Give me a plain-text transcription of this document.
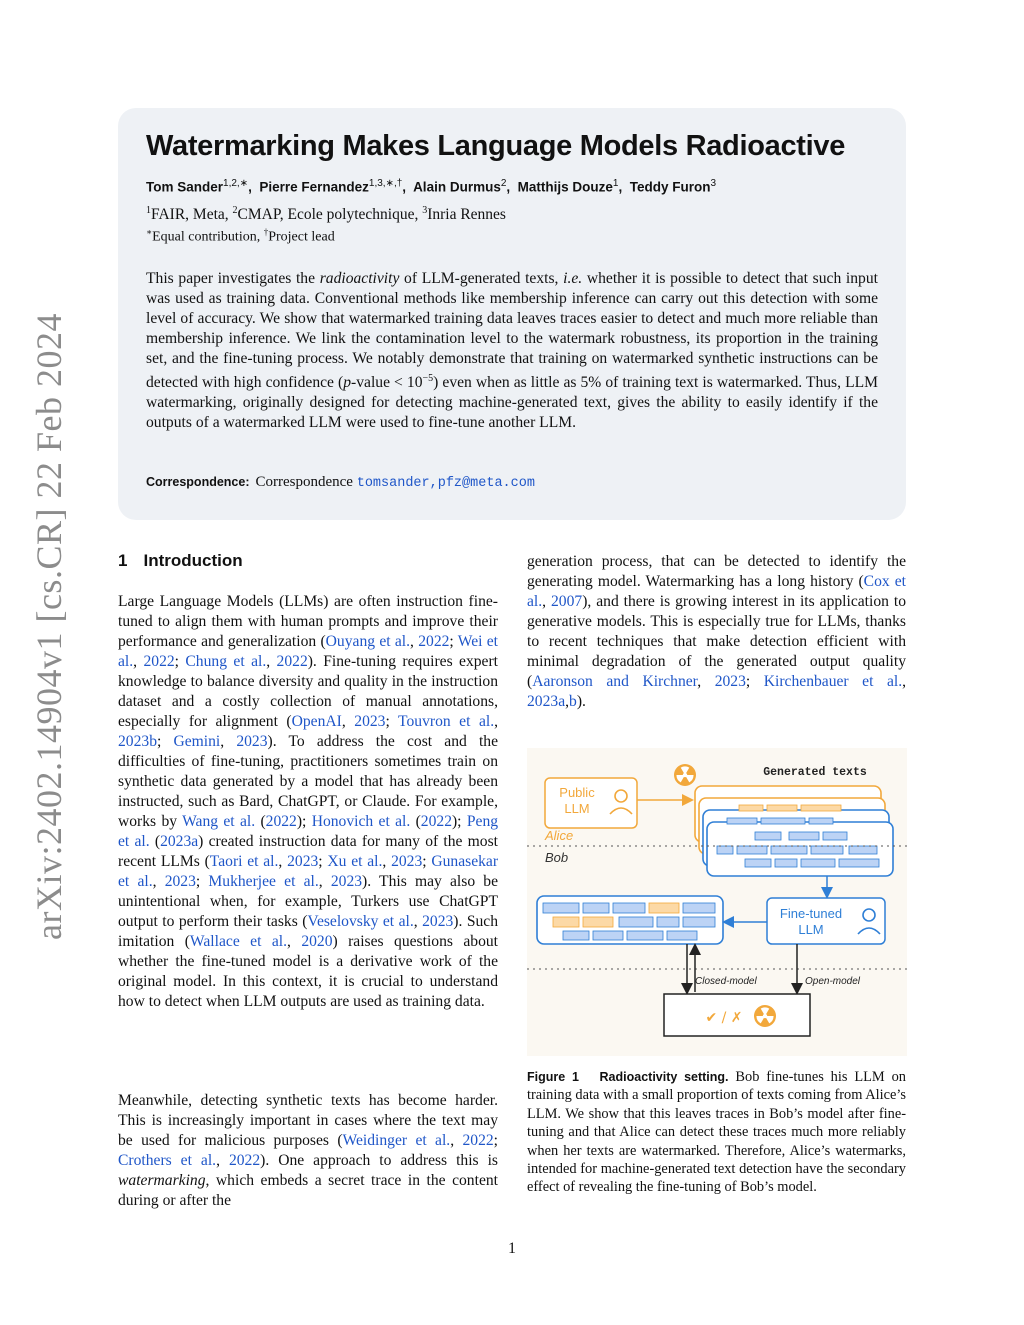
arXiv:2402.14904v1 [cs.CR] 22 Feb 2024
Watermarking Makes Language Models Radioactive
Tom Sander$^{1,2,∗}$,  Pierre Fernandez$^{1,3,∗,\dagger}$,  Alain Durmus$^2$,  Matthijs Douze$^1$,  Teddy Furon$^3$
$^1$FAIR, Meta, $^2$CMAP, Ecole polytechnique, $^3$Inria Rennes
∗Equal contribution, †Project lead
This paper investigates the radioactivity of LLM-generated texts, i.e. whether it is possible to detect that such input was used as training data. Conventional methods like membership inference can carry out this detection with some level of accuracy. We show that watermarked training data leaves traces easier to detect and much more reliable than membership inference. We link the contamination level to the watermark robustness, its proportion in the training set, and the fine-tuning process. We notably demonstrate that training on watermarked synthetic instructions can be detected with high confidence (p-value < $10^{-5}$) even when as little as 5% of training text is watermarked. Thus, LLM watermarking, originally designed for detecting machine-generated text, gives the ability to easily identify if the outputs of a watermarked LLM were used to fine-tune another LLM.
Correspondence: Correspondence tomsander,pfz@meta.com
1 Introduction
Large Language Models (LLMs) are often instruction fine-tuned to align them with human prompts and improve their performance and generalization (Ouyang et al., 2022; Wei et al., 2022; Chung et al., 2022). Fine-tuning requires expert knowledge to balance diversity and quality in the instruction dataset and a costly collection of manual annotations, especially for alignment (OpenAI, 2023; Touvron et al., 2023b; Gemini, 2023). To address the cost and the difficulties of fine-tuning, practitioners sometimes train on synthetic data generated by a model that has already been instructed, such as Bard, ChatGPT, or Claude. For example, works by Wang et al. (2022); Honovich et al. (2022); Peng et al. (2023a) created instruction data for many of the most recent LLMs (Taori et al., 2023; Xu et al., 2023; Gunasekar et al., 2023; Mukherjee et al., 2023). This may also be unintentional when, for example, Turkers use ChatGPT output to perform their tasks (Veselovsky et al., 2023). Such imitation (Wallace et al., 2020) raises questions about whether the fine-tuned model is a derivative work of the original model. In this context, it is crucial to understand how to detect when LLM outputs are used as training data.
Meanwhile, detecting synthetic texts has become harder. This is increasingly important in cases where the text may be used for malicious purposes (Weidinger et al., 2022; Crothers et al., 2022). One approach to address this is watermarking, which embeds a secret trace in the content during or after the
generation process, that can be detected to identify the generating model. Watermarking has a long history (Cox et al., 2007), and there is growing interest in its application to generative models. This is especially true for LLMs, thanks to recent techniques that make detection efficient with minimal degradation of the generated output quality (Aaronson and Kirchner, 2023; Kirchenbauer et al., 2023a,b).
Generated texts
Public
LLM
Alice
Bob
Fine-tuned
LLM
Closed-model	Open-model
✔ / ✗
Figure 1 Radioactivity setting. Bob fine-tunes his LLM on training data with a small proportion of texts coming from Alice’s LLM. We show that this leaves traces in Bob’s model after fine-tuning and that Alice can detect these traces much more reliably when her texts are watermarked. Therefore, Alice’s watermarks, intended for machine-generated text detection have the secondary effect of revealing the fine-tuning of Bob’s model.
1
